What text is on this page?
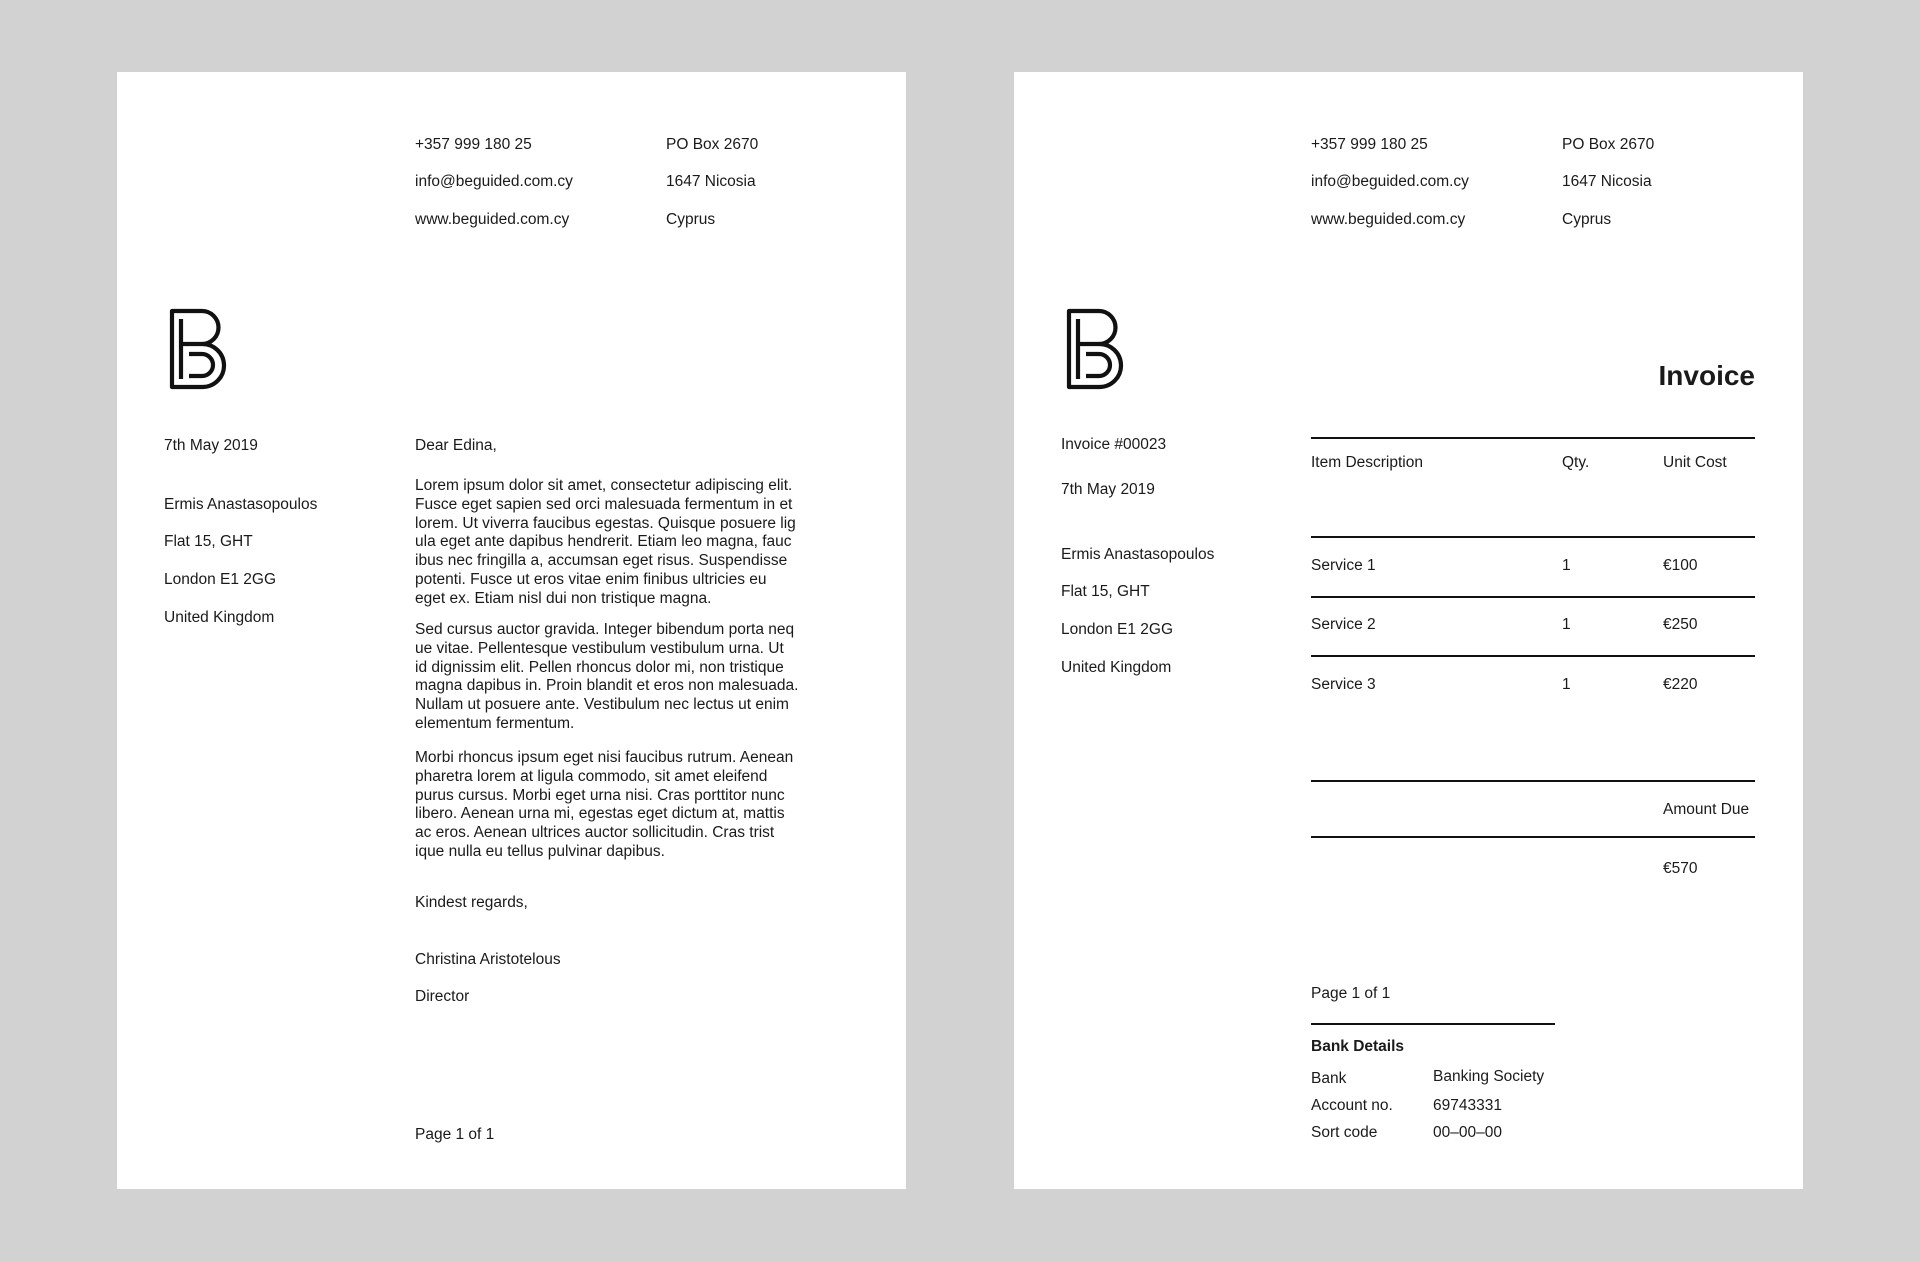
+357 999 180 25

info@beguided.com.cy

www.beguided.com.cy

PO Box 2670

1647 Nicosia

Cyprus

7th May 2019

Ermis Anastasopoulos

Flat 15, GHT

London E1 2GG

United Kingdom

Dear Edina,
Lorem ipsum dolor sit amet, consectetur adipiscing elit.
Fusce eget sapien sed orci malesuada fermentum in et
lorem. Ut viverra faucibus egestas. Quisque posuere lig
ula eget ante dapibus hendrerit. Etiam leo magna, fauc
ibus nec fringilla a, accumsan eget risus. Suspendisse
potenti. Fusce ut eros vitae enim finibus ultricies eu
eget ex. Etiam nisl dui non tristique magna.
Sed cursus auctor gravida. Integer bibendum porta neq
ue vitae. Pellentesque vestibulum vestibulum urna. Ut
id dignissim elit. Pellen rhoncus dolor mi, non tristique
magna dapibus in. Proin blandit et eros non malesuada.
Nullam ut posuere ante. Vestibulum nec lectus ut enim
elementum fermentum.
Morbi rhoncus ipsum eget nisi faucibus rutrum. Aenean
pharetra lorem at ligula commodo, sit amet eleifend
purus cursus. Morbi eget urna nisi. Cras porttitor nunc
libero. Aenean urna mi, egestas eget dictum at, mattis
ac eros. Aenean ultrices auctor sollicitudin. Cras trist
ique nulla eu tellus pulvinar dapibus.
Kindest regards,

Christina Aristotelous

Director

Page 1 of 1

+357 999 180 25

info@beguided.com.cy

www.beguided.com.cy

PO Box 2670

1647 Nicosia

Cyprus

Invoice
Invoice #00023
7th May 2019

Ermis Anastasopoulos

Flat 15, GHT

London E1 2GG

United Kingdom

Item Description	Qty.	Unit Cost
Service 1	1	€100
Service 2	1	€250
Service 3	1	€220
Amount Due
€570
Page 1 of 1
Bank Details
Bank	Banking Society
Account no.	69743331
Sort code	00–00–00
